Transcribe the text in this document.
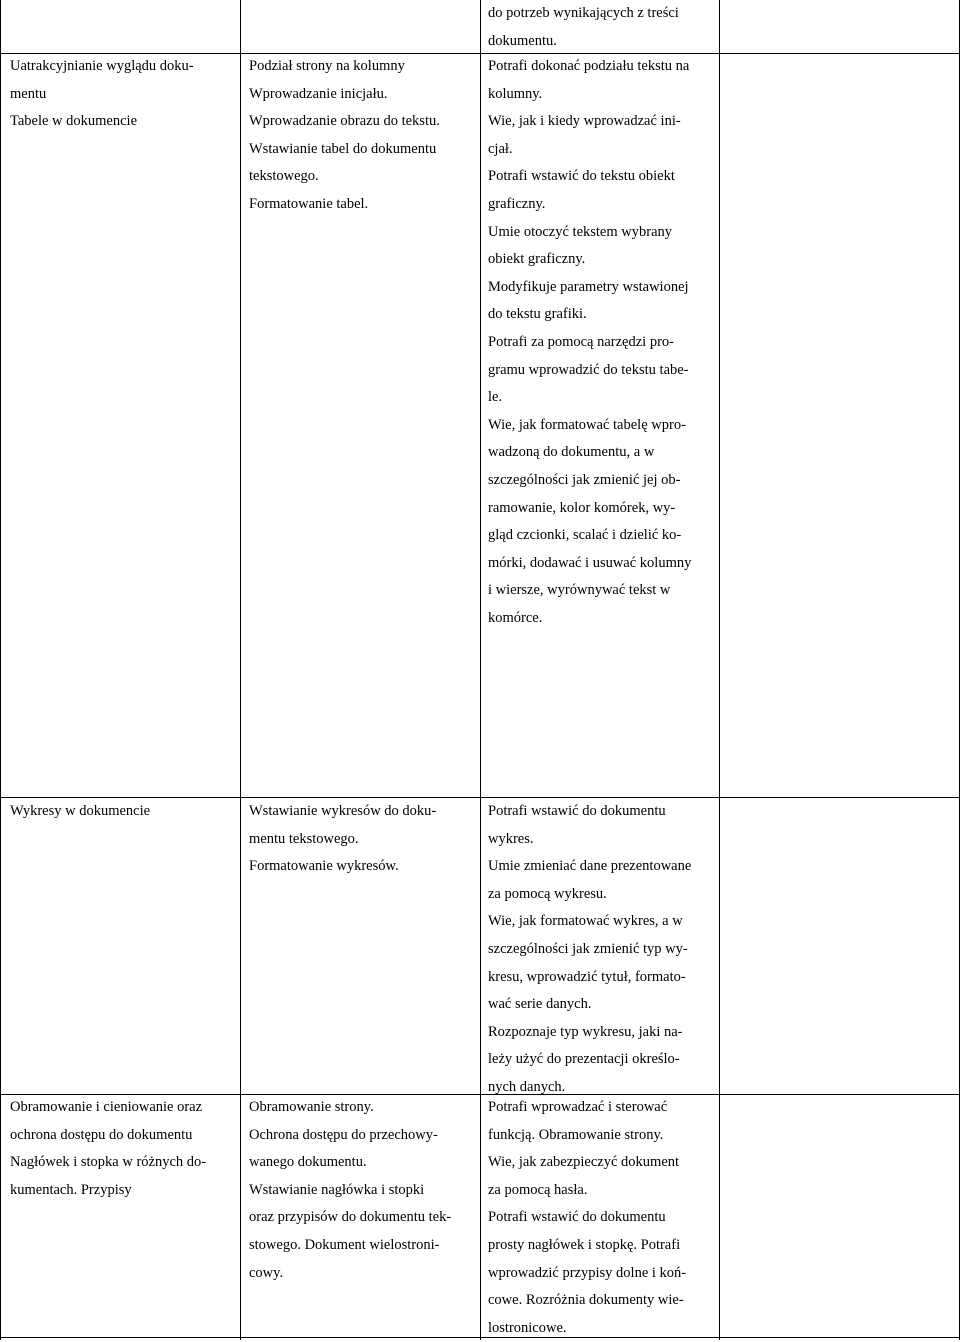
do potrzeb wynikających z treści
dokumentu.
Uatrakcyjnianie wyglądu doku-
mentu
Tabele w dokumencie
Podział strony na kolumny
Wprowadzanie inicjału.
Wprowadzanie obrazu do tekstu.
Wstawianie tabel do dokumentu
tekstowego.
Formatowanie tabel.
Potrafi dokonać podziału tekstu na
kolumny.
Wie, jak i kiedy wprowadzać ini-
cjał.
Potrafi wstawić do tekstu obiekt
graficzny.
Umie otoczyć tekstem wybrany
obiekt graficzny.
Modyfikuje parametry wstawionej
do tekstu grafiki.
Potrafi za pomocą narzędzi pro-
gramu wprowadzić do tekstu tabe-
le.
Wie, jak formatować tabelę wpro-
wadzoną do dokumentu, a w
szczególności jak zmienić jej ob-
ramowanie, kolor komórek, wy-
gląd czcionki, scalać i dzielić ko-
mórki, dodawać i usuwać kolumny
i wiersze, wyrównywać tekst w
komórce.
Wykresy w dokumencie	Wstawianie wykresów do doku-
mentu tekstowego.
Formatowanie wykresów.
Potrafi wstawić do dokumentu
wykres.
Umie zmieniać dane prezentowane
za pomocą wykresu.
Wie, jak formatować wykres, a w
szczególności jak zmienić typ wy-
kresu, wprowadzić tytuł, formato-
wać serie danych.
Rozpoznaje typ wykresu, jaki na-
leży użyć do prezentacji określo-
nych danych.
Obramowanie i cieniowanie oraz
ochrona dostępu do dokumentu
Nagłówek i stopka w różnych do-
kumentach. Przypisy
Obramowanie strony.
Ochrona dostępu do przechowy-
wanego dokumentu.
Wstawianie nagłówka i stopki
oraz przypisów do dokumentu tek-
stowego. Dokument wielostroni-
cowy.
Potrafi wprowadzać i sterować
funkcją. Obramowanie strony.
Wie, jak zabezpieczyć dokument
za pomocą hasła.
Potrafi wstawić do dokumentu
prosty nagłówek i stopkę. Potrafi
wprowadzić przypisy dolne i koń-
cowe. Rozróżnia dokumenty wie-
lostronicowe.
